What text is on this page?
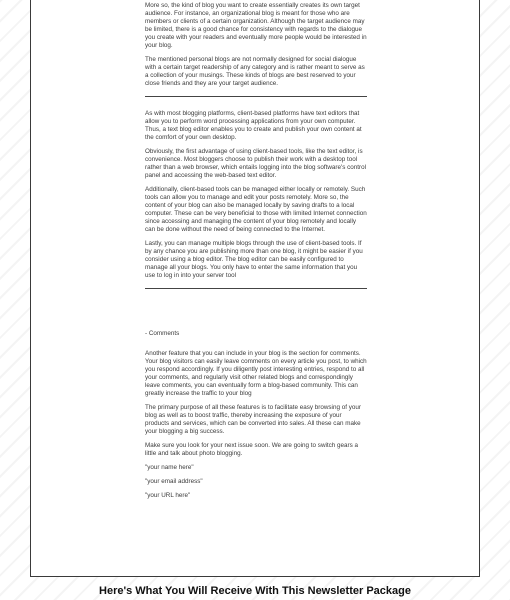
More so, the kind of blog you want to create essentially creates its own target audience. For instance, an organizational blog is meant for those who are members or clients of a certain organization. Although the target audience may be limited, there is a good chance for consistency with regards to the dialogue you create with your readers and eventually more people would be interested in your blog.

The mentioned personal blogs are not normally designed for social dialogue with a certain target readership of any category and is rather meant to serve as a collection of your musings. These kinds of blogs are best reserved to your close friends and they are your target audience.

As with most blogging platforms, client-based platforms have text editors that allow you to perform word processing applications from your own computer. Thus, a text blog editor enables you to create and publish your own content at the comfort of your own desktop.

Obviously, the first advantage of using client-based tools, like the text editor, is convenience. Most bloggers choose to publish their work with a desktop tool rather than a web browser, which entails logging into the blog software's control panel and accessing the web-based text editor.

Additionally, client-based tools can be managed either locally or remotely. Such tools can allow you to manage and edit your posts remotely. More so, the content of your blog can also be managed locally by saving drafts to a local computer. These can be very beneficial to those with limited Internet connection since accessing and managing the content of your blog remotely and locally can be done without the need of being connected to the Internet.

Lastly, you can manage multiple blogs through the use of client-based tools. If by any chance you are publishing more than one blog, it might be easier if you consider using a blog editor. The blog editor can be easily configured to manage all your blogs. You only have to enter the same information that you use to log in into your server tool

- Comments

Another feature that you can include in your blog is the section for comments. Your blog visitors can easily leave comments on every article you post, to which you respond accordingly. If you diligently post interesting entries, respond to all your comments, and regularly visit other related blogs and correspondingly leave comments, you can eventually form a blog-based community. This can greatly increase the traffic to your blog

The primary purpose of all these features is to facilitate easy browsing of your blog as well as to boost traffic, thereby increasing the exposure of your products and services, which can be converted into sales. All these can make your blogging a big success.

Make sure you look for your next issue soon. We are going to switch gears a little and talk about photo blogging.

"your name here"

"your email address"

"your URL here"

Here's What You Will Receive With This Newsletter Package
